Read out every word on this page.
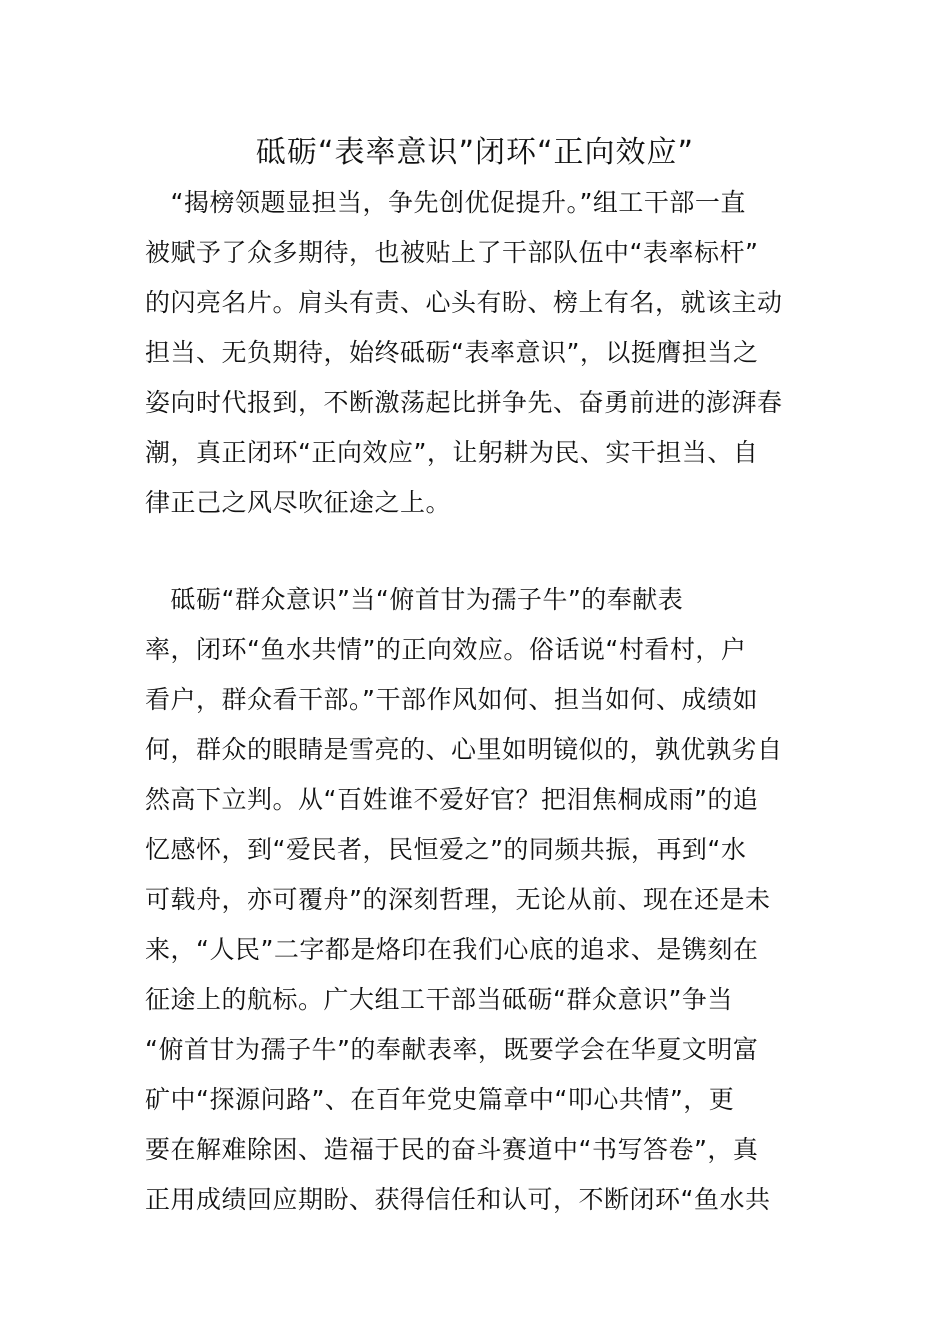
砥砺“表率意识”闭环“正向效应”
　“揭榜领题显担当，争先创优促提升。”组工干部一直
被赋予了众多期待，也被贴上了干部队伍中“表率标杆”
的闪亮名片。肩头有责、心头有盼、榜上有名，就该主动
担当、无负期待，始终砥砺“表率意识”，以挺膺担当之
姿向时代报到，不断激荡起比拼争先、奋勇前进的澎湃春
潮，真正闭环“正向效应”，让躬耕为民、实干担当、自
律正己之风尽吹征途之上。
　砥砺“群众意识”当“俯首甘为孺子牛”的奉献表
率，闭环“鱼水共情”的正向效应。俗话说“村看村，户
看户，群众看干部。”干部作风如何、担当如何、成绩如
何，群众的眼睛是雪亮的、心里如明镜似的，孰优孰劣自
然高下立判。从“百姓谁不爱好官？把泪焦桐成雨”的追
忆感怀，到“爱民者，民恒爱之”的同频共振，再到“水
可载舟，亦可覆舟”的深刻哲理，无论从前、现在还是未
来，“人民”二字都是烙印在我们心底的追求、是镌刻在
征途上的航标。广大组工干部当砥砺“群众意识”争当
“俯首甘为孺子牛”的奉献表率，既要学会在华夏文明富
矿中“探源问路”、在百年党史篇章中“叩心共情”，更
要在解难除困、造福于民的奋斗赛道中“书写答卷”，真
正用成绩回应期盼、获得信任和认可，不断闭环“鱼水共
